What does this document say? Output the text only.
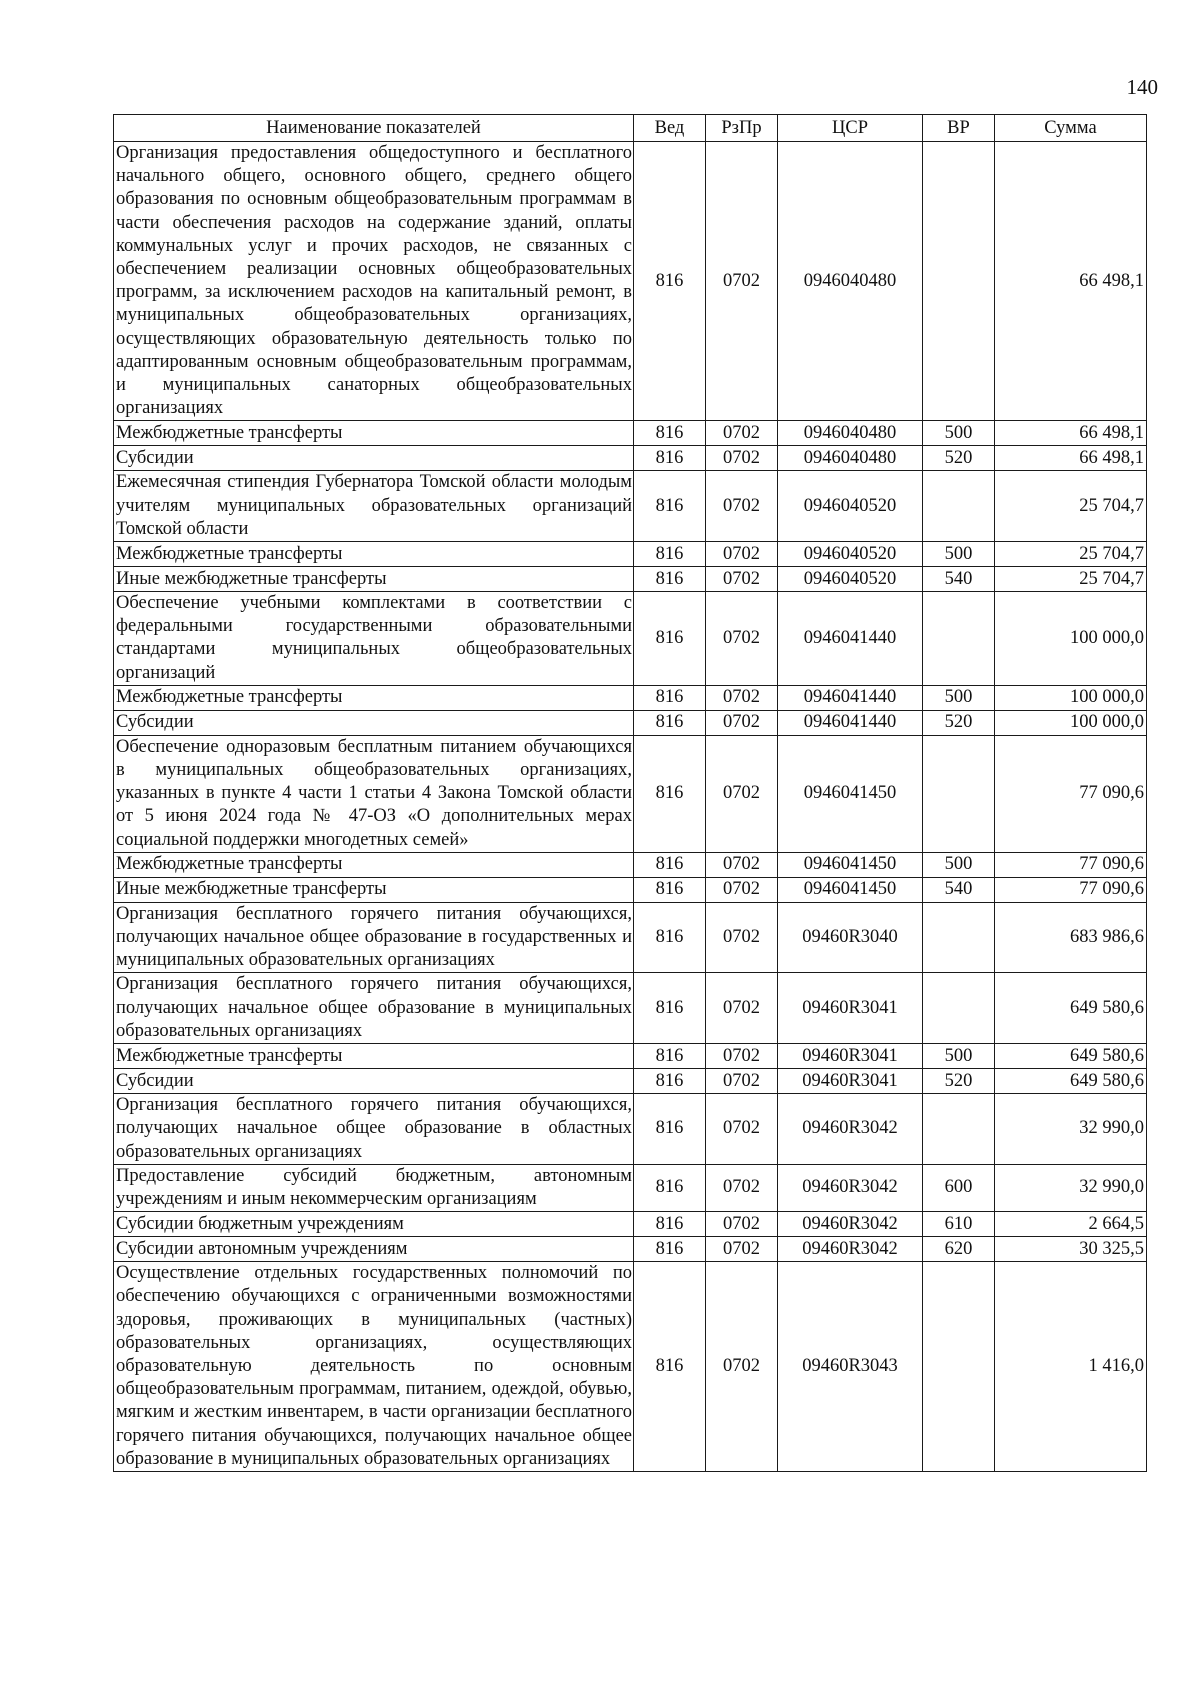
140
Наименование показателей	Вед	РзПр	ЦСР	ВР	Сумма
Организация предоставления общедоступного и бесплатного начального общего, основного общего, среднего общего образования по основным общеобразовательным программам в части обеспечения расходов на содержание зданий, оплаты коммунальных услуг и прочих расходов, не связанных с обеспечением реализации основных общеобразовательных программ, за исключением расходов на капитальный ремонт, в муниципальных общеобразовательных организациях, осуществляющих образовательную деятельность только по адаптированным основным общеобразовательным программам, и муниципальных санаторных общеобразовательных организациях	816	0702	0946040480		66 498,1
Межбюджетные трансферты	816	0702	0946040480	500	66 498,1
Субсидии	816	0702	0946040480	520	66 498,1
Ежемесячная стипендия Губернатора Томской области молодым учителям муниципальных образовательных организаций Томской области	816	0702	0946040520		25 704,7
Межбюджетные трансферты	816	0702	0946040520	500	25 704,7
Иные межбюджетные трансферты	816	0702	0946040520	540	25 704,7
Обеспечение учебными комплектами в соответствии с федеральными государственными образовательными стандартами муниципальных общеобразовательных организаций	816	0702	0946041440		100 000,0
Межбюджетные трансферты	816	0702	0946041440	500	100 000,0
Субсидии	816	0702	0946041440	520	100 000,0
Обеспечение одноразовым бесплатным питанием обучающихся в муниципальных общеобразовательных организациях, указанных в пункте 4 части 1 статьи 4 Закона Томской области от 5 июня 2024 года № 47-ОЗ «О дополнительных мерах социальной поддержки многодетных семей»	816	0702	0946041450		77 090,6
Межбюджетные трансферты	816	0702	0946041450	500	77 090,6
Иные межбюджетные трансферты	816	0702	0946041450	540	77 090,6
Организация бесплатного горячего питания обучающихся, получающих начальное общее образование в государственных и муниципальных образовательных организациях	816	0702	09460R3040		683 986,6
Организация бесплатного горячего питания обучающихся, получающих начальное общее образование в муниципальных образовательных организациях	816	0702	09460R3041		649 580,6
Межбюджетные трансферты	816	0702	09460R3041	500	649 580,6
Субсидии	816	0702	09460R3041	520	649 580,6
Организация бесплатного горячего питания обучающихся, получающих начальное общее образование в областных образовательных организациях	816	0702	09460R3042		32 990,0
Предоставление субсидий бюджетным, автономным учреждениям и иным некоммерческим организациям	816	0702	09460R3042	600	32 990,0
Субсидии бюджетным учреждениям	816	0702	09460R3042	610	2 664,5
Субсидии автономным учреждениям	816	0702	09460R3042	620	30 325,5
Осуществление отдельных государственных полномочий по обеспечению обучающихся с ограниченными возможностями здоровья, проживающих в муниципальных (частных) образовательных организациях, осуществляющих образовательную деятельность по основным общеобразовательным программам, питанием, одеждой, обувью, мягким и жестким инвентарем, в части организации бесплатного горячего питания обучающихся, получающих начальное общее образование в муниципальных образовательных организациях	816	0702	09460R3043		1 416,0
